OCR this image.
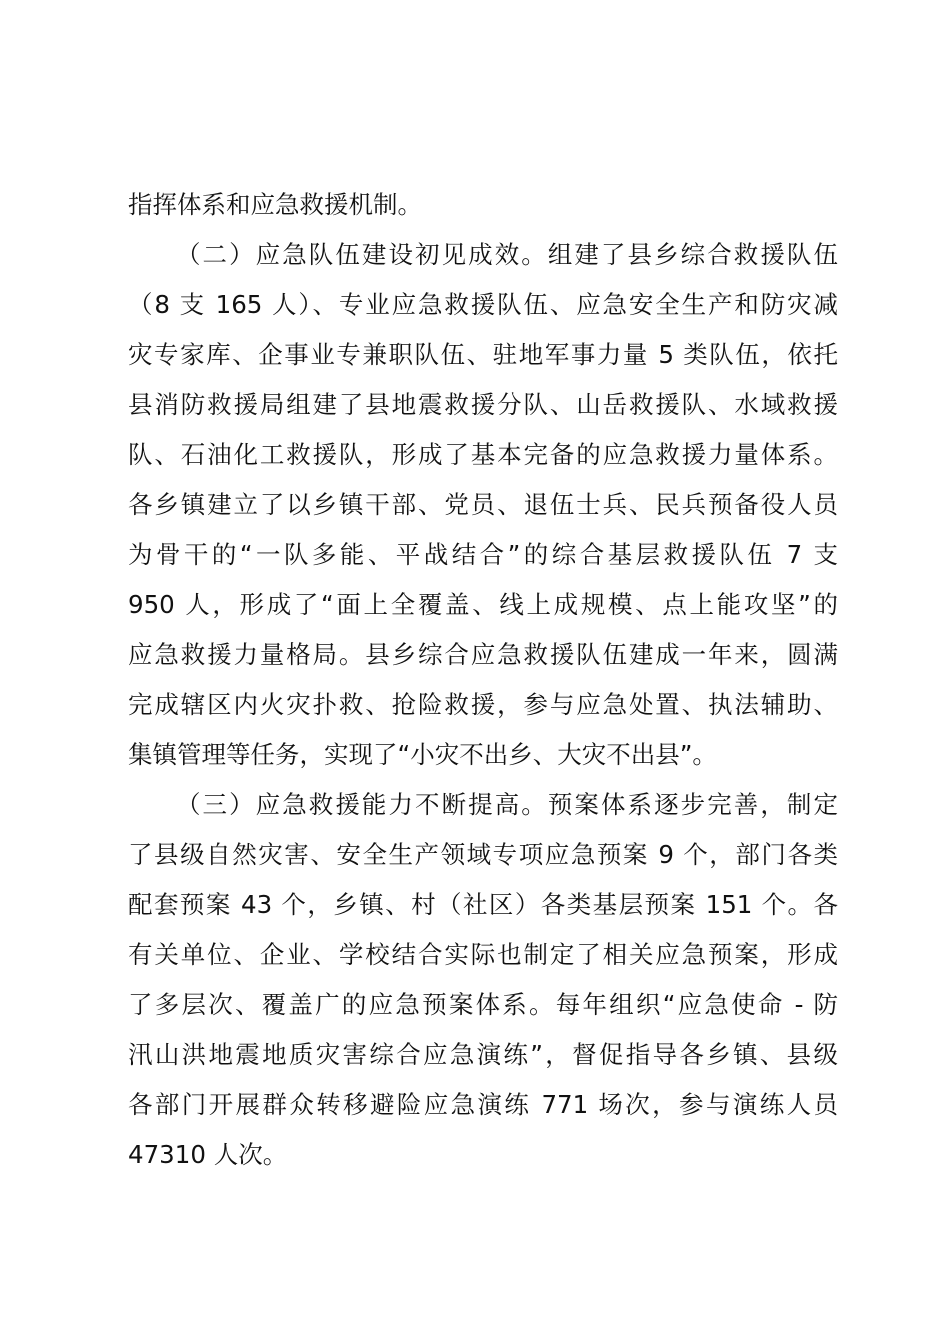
指挥体系和应急救援机制。
（二）应急队伍建设初见成效。组建了县乡综合救援队伍
（8 支 165 人）、专业应急救援队伍、应急安全生产和防灾减
灾专家库、企事业专兼职队伍、驻地军事力量 5 类队伍，依托
县消防救援局组建了县地震救援分队、山岳救援队、水域救援
队、石油化工救援队，形成了基本完备的应急救援力量体系。
各乡镇建立了以乡镇干部、党员、退伍士兵、民兵预备役人员
为骨干的“一队多能、平战结合”的综合基层救援队伍 7 支
950 人，形成了“面上全覆盖、线上成规模、点上能攻坚”的
应急救援力量格局。县乡综合应急救援队伍建成一年来，圆满
完成辖区内火灾扑救、抢险救援，参与应急处置、执法辅助、
集镇管理等任务，实现了“小灾不出乡、大灾不出县”。
（三）应急救援能力不断提高。预案体系逐步完善，制定
了县级自然灾害、安全生产领域专项应急预案 9 个，部门各类
配套预案 43 个，乡镇、村（社区）各类基层预案 151 个。各
有关单位、企业、学校结合实际也制定了相关应急预案，形成
了多层次、覆盖广的应急预案体系。每年组织“应急使命 - 防
汛山洪地震地质灾害综合应急演练”，督促指导各乡镇、县级
各部门开展群众转移避险应急演练 771 场次，参与演练人员
47310 人次。
